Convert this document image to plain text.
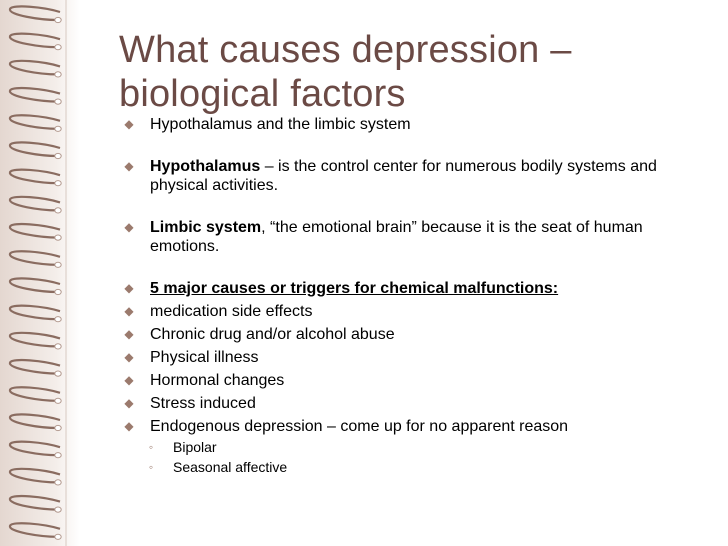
What causes depression –
biological factors
◆ Hypothalamus and the limbic system
◆ Hypothalamus – is the control center for numerous bodily systems and physical activities.
◆ Limbic system, “the emotional brain” because it is the seat of human emotions.
◆ 5 major causes or triggers for chemical malfunctions:
◆ medication side effects
◆ Chronic drug and/or alcohol abuse
◆ Physical illness
◆ Hormonal changes
◆ Stress induced
◆ Endogenous depression – come up for no apparent reason
◦	Bipolar
◦	Seasonal affective
